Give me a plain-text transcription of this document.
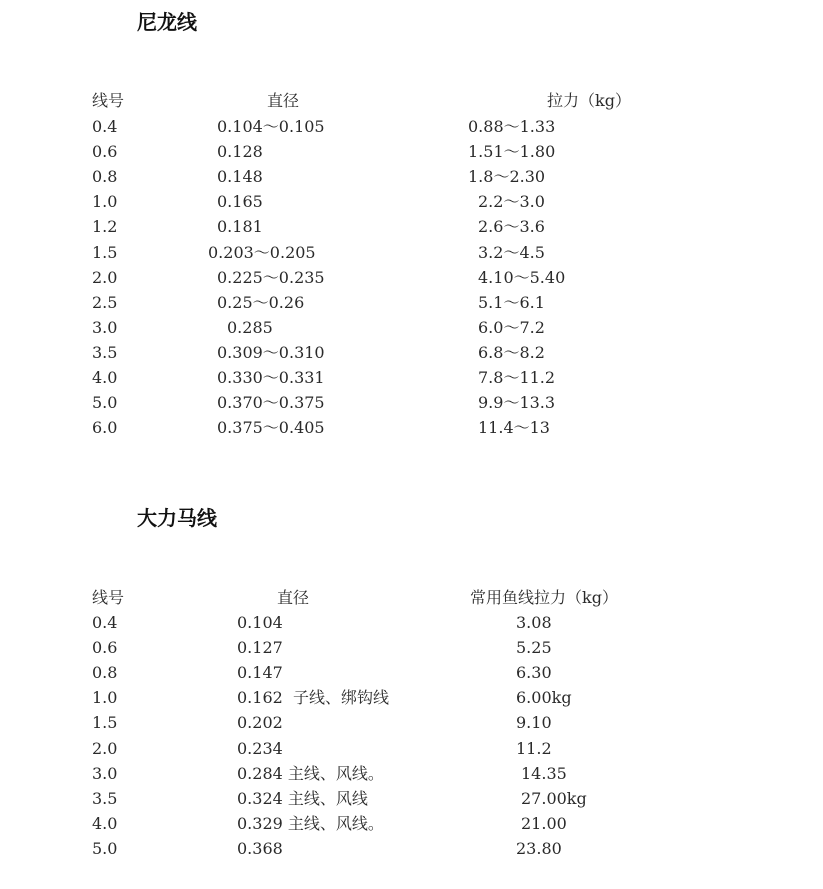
尼龙线
大力马线
线号	直径	拉力（kg）
0.4	0.104～0.105	0.88～1.33
0.6	0.128	1.51～1.80
0.8	0.148	1.8～2.30
1.0	0.165	2.2～3.0
1.2	0.181	2.6～3.6
1.5	0.203～0.205	3.2～4.5
2.0	0.225～0.235	4.10～5.40
2.5	0.25～0.26	5.1～6.1
3.0	0.285	6.0～7.2
3.5	0.309～0.310	6.8～8.2
4.0	0.330～0.331	7.8～11.2
5.0	0.370～0.375	9.9～13.3
6.0	0.375～0.405	11.4～13
线号	直径	常用鱼线拉力（kg）
0.4	0.104	3.08
0.6	0.127	5.25
0.8	0.147	6.30
1.0	0.162  子线、绑钩线	6.00kg
1.5	0.202	9.10
2.0	0.234	11.2
3.0	0.284 主线、风线。	14.35
3.5	0.324 主线、风线	27.00kg
4.0	0.329 主线、风线。	21.00
5.0	0.368	23.80
